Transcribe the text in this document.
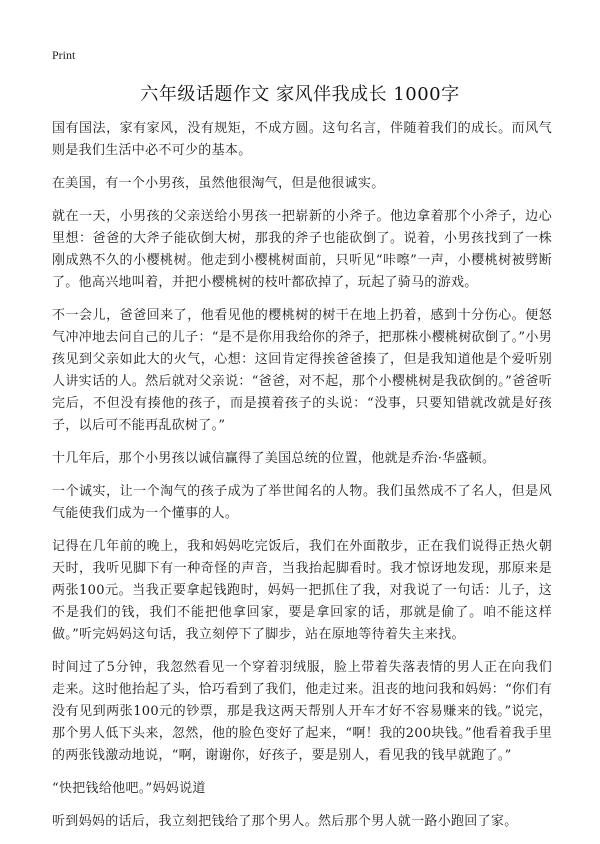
Print
六年级话题作文 家风伴我成长 1000字

国有国法，家有家风，没有规矩，不成方圆。这句名言，伴随着我们的成长。而风气则是我们生活中必不可少的基本。

在美国，有一个小男孩，虽然他很淘气，但是他很诚实。

就在一天，小男孩的父亲送给小男孩一把崭新的小斧子。他边拿着那个小斧子，边心里想：爸爸的大斧子能砍倒大树，那我的斧子也能砍倒了。说着，小男孩找到了一株刚成熟不久的小樱桃树。他走到小樱桃树面前，只听见“咔嚓”一声，小樱桃树被劈断了。他高兴地叫着，并把小樱桃树的枝叶都砍掉了，玩起了骑马的游戏。

不一会儿，爸爸回来了，他看见他的樱桃树的树干在地上扔着，感到十分伤心。便怒气冲冲地去问自己的儿子：“是不是你用我给你的斧子，把那株小樱桃树砍倒了。”小男孩见到父亲如此大的火气，心想：这回肯定得挨爸爸揍了，但是我知道他是个爱听别人讲实话的人。然后就对父亲说：“爸爸，对不起，那个小樱桃树是我砍倒的。”爸爸听完后，不但没有揍他的孩子，而是摸着孩子的头说：“没事，只要知错就改就是好孩子，以后可不能再乱砍树了。”

十几年后，那个小男孩以诚信赢得了美国总统的位置，他就是乔治·华盛顿。

一个诚实，让一个淘气的孩子成为了举世闻名的人物。我们虽然成不了名人，但是风气能使我们成为一个懂事的人。

记得在几年前的晚上，我和妈妈吃完饭后，我们在外面散步，正在我们说得正热火朝天时，我听见脚下有一种奇怪的声音，当我抬起脚看时。我才惊讶地发现，那原来是两张100元。当我正要拿起钱跑时，妈妈一把抓住了我，对我说了一句话：儿子，这不是我们的钱，我们不能把他拿回家，要是拿回家的话，那就是偷了。咱不能这样做。”听完妈妈这句话，我立刻停下了脚步，站在原地等待着失主来找。

时间过了5分钟，我忽然看见一个穿着羽绒服，脸上带着失落表情的男人正在向我们走来。这时他抬起了头，恰巧看到了我们，他走过来。沮丧的地问我和妈妈：“你们有没有见到两张100元的钞票，那是我这两天帮别人开车才好不容易赚来的钱。”说完，那个男人低下头来，忽然，他的脸色变好了起来，“啊！我的200块钱。”他看着我手里的两张钱激动地说，“啊，谢谢你，好孩子，要是别人，看见我的钱早就跑了。”

“快把钱给他吧。”妈妈说道

听到妈妈的话后，我立刻把钱给了那个男人。然后那个男人就一路小跑回了家。
